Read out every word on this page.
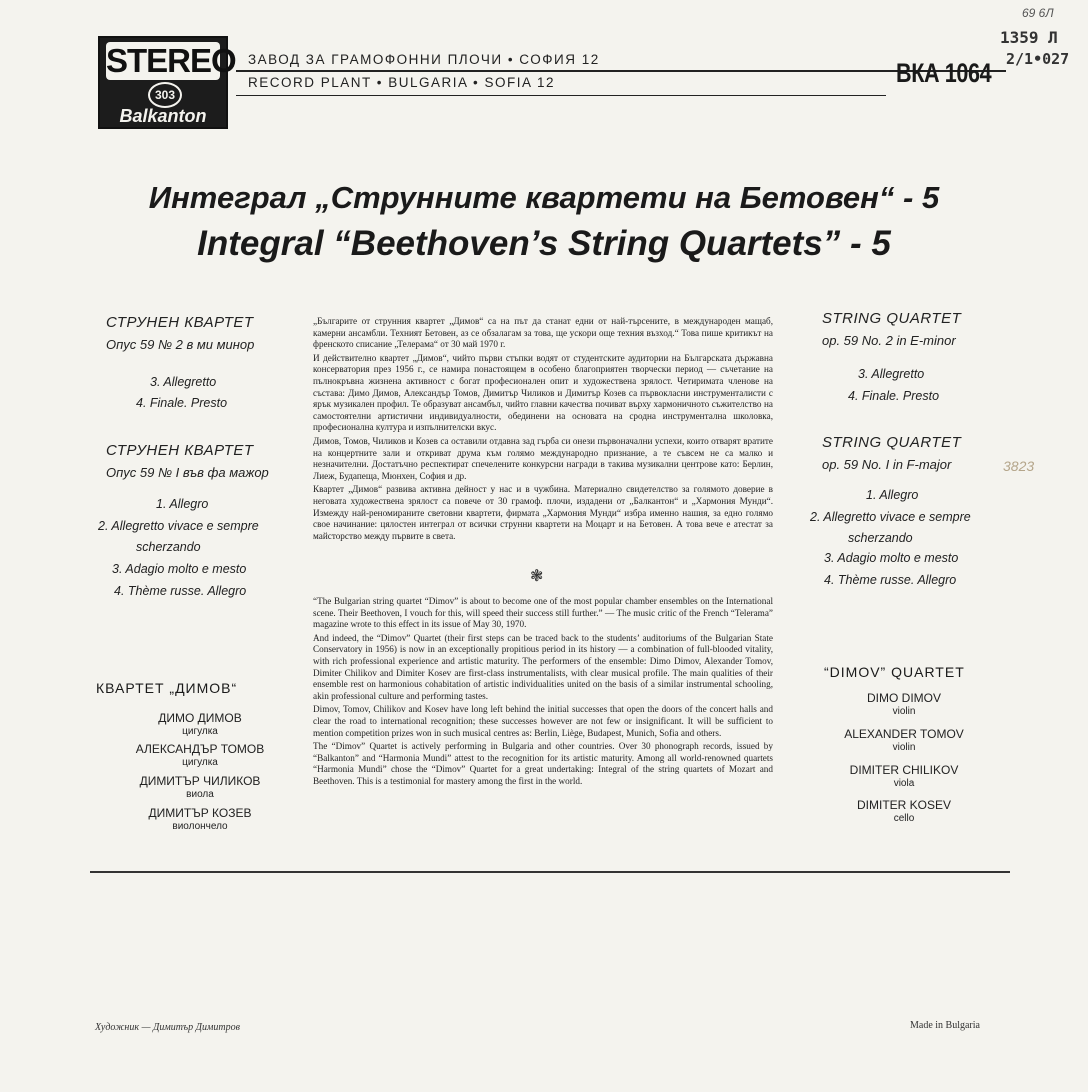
STEREO
303
Balkanton
ЗАВОД ЗА ГРАМОФОННИ ПЛОЧИ • СОФИЯ 12
RECORD PLANT • BULGARIA • SOFIA 12	ВКА 1064
69 6Л
1359 Л
2/1•027
Интеграл „Струнните квартети на Бетовен“ - 5
Integral “Beethoven’s String Quartets” - 5
СТРУНЕН КВАРТЕТ
Опус 59 № 2 в ми минор
3. Allegretto
4. Finale. Presto
СТРУНЕН КВАРТЕТ
Опус 59 № I във фа мажор
1. Allegro
2. Allegretto vivace e sempre
scherzando
3. Adagio molto e mesto
4. Thème russe. Allegro
КВАРТЕТ „ДИМОВ“
ДИМО ДИМОВ
цигулка
АЛЕКСАНДЪР ТОМОВ
цигулка
ДИМИТЪР ЧИЛИКОВ
виола
ДИМИТЪР КОЗЕВ
виолончело

„Българите от струнния квартет „Димов“ са на път да станат едни от най-търсените, в международен мащаб, камерни ансамбли. Техният Бетовен, аз се обзалагам за това, ще ускори още техния възход.“ Това пише критикът на френското списание „Телерама“ от 30 май 1970 г.

И действително квартет „Димов“, чийто първи стъпки водят от студентските аудитории на Българската държавна консерватория през 1956 г., се намира понастоящем в особено благоприятен творчески период — съчетание на пълнокръвна жизнена активност с богат професионален опит и художествена зрялост. Четиримата членове на състава: Димо Димов, Александър Томов, Димитър Чиликов и Димитър Козев са първокласни инструменталисти с ярък музикален профил. Те образуват ансамбъл, чийто главни качества почиват върху хармоничното съжителство на самостоятелни артистични индивидуалности, обединени на основата на сродна инструментална школовка, професионална култура и изпълнителски вкус.

Димов, Томов, Чиликов и Козев са оставили отдавна зад гърба си онези първоначални успехи, които отварят вратите на концертните зали и откриват друма към голямо международно признание, а те съвсем не са малко и незначителни. Достатъчно респектират спечелените конкурсни награди в такива музикални центрове като: Берлин, Лиеж, Будапеща, Мюнхен, София и др.

Квартет „Димов“ развива активна дейност у нас и в чужбина. Материално свидетелство за голямото доверие в неговата художествена зрялост са повече от 30 грамоф. плочи, издадени от „Балкантон“ и „Хармония Мунди“. Измежду най-реномираните световни квартети, фирмата „Хармония Мунди“ избра именно нашия, за едно голямо свое начинание: цялостен интеграл от всички струнни квартети на Моцарт и на Бетовен. А това вече е атестат за майсторство между първите в света.

❃

“The Bulgarian string quartet “Dimov” is about to become one of the most popular chamber ensembles on the International scene. Their Beethoven, I vouch for this, will speed their success still further.” — The music critic of the French “Telerama” magazine wrote to this effect in its issue of May 30, 1970.

And indeed, the “Dimov” Quartet (their first steps can be traced back to the students’ auditoriums of the Bulgarian State Conservatory in 1956) is now in an exceptionally propitious period in its history — a combination of full-blooded vitality, with rich professional experience and artistic maturity. The performers of the ensemble: Dimo Dimov, Alexander Tomov, Dimiter Chilikov and Dimiter Kosev are first-class instrumentalists, with clear musical profile. The main qualities of their ensemble rest on harmonious cohabitation of artistic individualities united on the basis of a similar instrumental schooling, akin professional culture and performing tastes.

Dimov, Tomov, Chilikov and Kosev have long left behind the initial successes that open the doors of the concert halls and clear the road to international recognition; these successes however are not few or insignificant. It will be sufficient to mention competition prizes won in such musical centres as: Berlin, Liège, Budapest, Munich, Sofia and others.

The “Dimov” Quartet is actively performing in Bulgaria and other countries. Over 30 phonograph records, issued by “Balkanton” and “Harmonia Mundi” attest to the recognition for its artistic maturity. Among all world-renowned quartets “Harmonia Mundi” chose the “Dimov” Quartet for a great undertaking: Integral of the string quartets of Mozart and Beethoven. This is a testimonial for mastery among the first in the world.

STRING QUARTET
op. 59 No. 2 in E-minor
3. Allegretto
4. Finale. Presto
STRING QUARTET
op. 59 No. I in F-major
1. Allegro
2. Allegretto vivace e sempre
scherzando
3. Adagio molto e mesto
4. Thème russe. Allegro
3823
“DIMOV” QUARTET
DIMO DIMOV
violin
ALEXANDER TOMOV
violin
DIMITER CHILIKOV
viola
DIMITER KOSEV
cello
Художник — Димитър Димитров	Made in Bulgaria
